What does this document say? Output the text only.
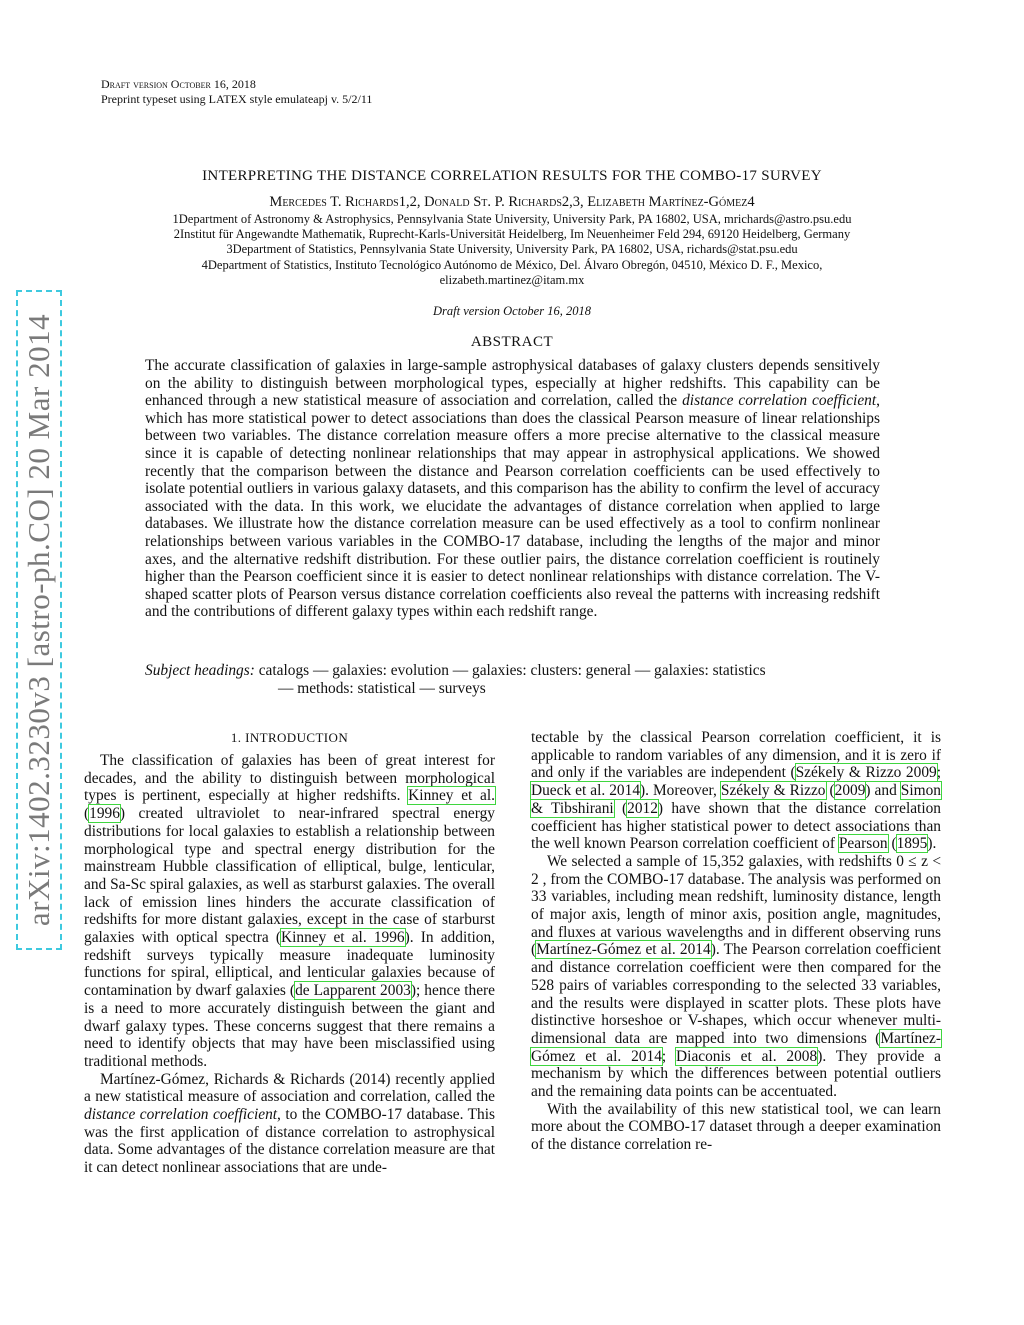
Draft version October 16, 2018
Preprint typeset using LATEX style emulateapj v. 5/2/11
INTERPRETING THE DISTANCE CORRELATION RESULTS FOR THE COMBO-17 SURVEY
Mercedes T. Richards1,2, Donald St. P. Richards2,3, Elizabeth Martínez-Gómez4
1Department of Astronomy & Astrophysics, Pennsylvania State University, University Park, PA 16802, USA, mrichards@astro.psu.edu
2Institut für Angewandte Mathematik, Ruprecht-Karls-Universität Heidelberg, Im Neuenheimer Feld 294, 69120 Heidelberg, Germany
3Department of Statistics, Pennsylvania State University, University Park, PA 16802, USA, richards@stat.psu.edu
4Department of Statistics, Instituto Tecnológico Autónomo de México, Del. Álvaro Obregón, 04510, México D. F., Mexico,
elizabeth.martinez@itam.mx
Draft version October 16, 2018
ABSTRACT
The accurate classification of galaxies in large-sample astrophysical databases of galaxy clusters depends sensitively on the ability to distinguish between morphological types, especially at higher redshifts. This capability can be enhanced through a new statistical measure of association and correlation, called the distance correlation coefficient, which has more statistical power to detect associations than does the classical Pearson measure of linear relationships between two variables. The distance correlation measure offers a more precise alternative to the classical measure since it is capable of detecting nonlinear relationships that may appear in astrophysical applications. We showed recently that the comparison between the distance and Pearson correlation coefficients can be used effectively to isolate potential outliers in various galaxy datasets, and this comparison has the ability to confirm the level of accuracy associated with the data. In this work, we elucidate the advantages of distance correlation when applied to large databases. We illustrate how the distance correlation measure can be used effectively as a tool to confirm nonlinear relationships between various variables in the COMBO-17 database, including the lengths of the major and minor axes, and the alternative redshift distribution. For these outlier pairs, the distance correlation coefficient is routinely higher than the Pearson coefficient since it is easier to detect nonlinear relationships with distance correlation. The V-shaped scatter plots of Pearson versus distance correlation coefficients also reveal the patterns with increasing redshift and the contributions of different galaxy types within each redshift range.
Subject headings: catalogs — galaxies: evolution — galaxies: clusters: general — galaxies: statistics
— methods: statistical — surveys
1. INTRODUCTION

The classification of galaxies has been of great interest for decades, and the ability to distinguish between morphological types is pertinent, especially at higher redshifts. Kinney et al. (1996) created ultraviolet to near-infrared spectral energy distributions for local galaxies to establish a relationship between morphological type and spectral energy distribution for the mainstream Hubble classification of elliptical, bulge, lenticular, and Sa-Sc spiral galaxies, as well as starburst galaxies. The overall lack of emission lines hinders the accurate classification of redshifts for more distant galaxies, except in the case of starburst galaxies with optical spectra (Kinney et al. 1996). In addition, redshift surveys typically measure inadequate luminosity functions for spiral, elliptical, and lenticular galaxies because of contamination by dwarf galaxies (de Lapparent 2003); hence there is a need to more accurately distinguish between the giant and dwarf galaxy types. These concerns suggest that there remains a need to identify objects that may have been misclassified using traditional methods.

Martínez-Gómez, Richards & Richards (2014) recently applied a new statistical measure of association and correlation, called the distance correlation coefficient, to the COMBO-17 database. This was the first application of distance correlation to astrophysical data. Some advantages of the distance correlation measure are that it can detect nonlinear associations that are unde-

tectable by the classical Pearson correlation coefficient, it is applicable to random variables of any dimension, and it is zero if and only if the variables are independent (Székely & Rizzo 2009; Dueck et al. 2014). Moreover, Székely & Rizzo (2009) and Simon & Tibshirani (2012) have shown that the distance correlation coefficient has higher statistical power to detect associations than the well known Pearson correlation coefficient of Pearson (1895).

We selected a sample of 15,352 galaxies, with redshifts 0 ≤ z < 2 , from the COMBO-17 database. The analysis was performed on 33 variables, including mean redshift, luminosity distance, length of major axis, length of minor axis, position angle, magnitudes, and fluxes at various wavelengths and in different observing runs (Martínez-Gómez et al. 2014). The Pearson correlation coefficient and distance correlation coefficient were then compared for the 528 pairs of variables corresponding to the selected 33 variables, and the results were displayed in scatter plots. These plots have distinctive horseshoe or V-shapes, which occur whenever multi-dimensional data are mapped into two dimensions (Martínez-Gómez et al. 2014; Diaconis et al. 2008). They provide a mechanism by which the differences between potential outliers and the remaining data points can be accentuated.

With the availability of this new statistical tool, we can learn more about the COMBO-17 dataset through a deeper examination of the distance correlation re-

arXiv:1402.3230v3 [astro-ph.CO] 20 Mar 2014
